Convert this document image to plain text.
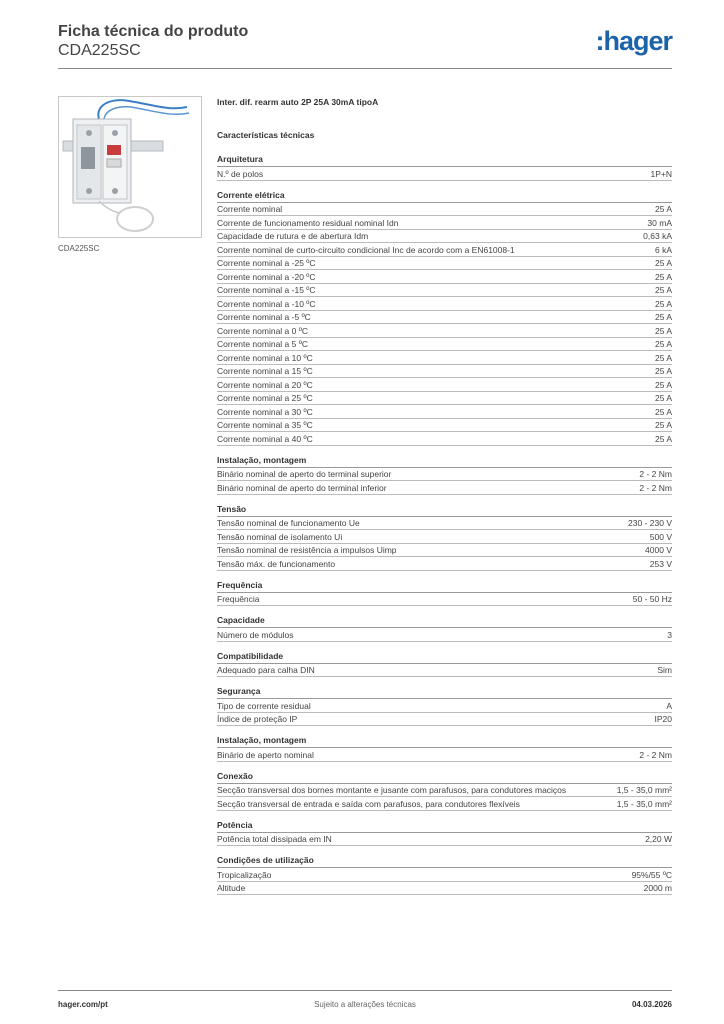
Ficha técnica do produto
CDA225SC	:hager
CDA225SC
Inter. dif. rearm auto 2P 25A 30mA tipoA
Características técnicas
Arquitetura
N.º de polos	1P+N
Corrente elétrica
Corrente nominal	25 A
Corrente de funcionamento residual nominal Idn	30 mA
Capacidade de rutura e de abertura Idm	0,63 kA
Corrente nominal de curto-circuito condicional Inc de acordo com a EN61008-1	6 kA
Corrente nominal a -25 ºC	25 A
Corrente nominal a -20 ºC	25 A
Corrente nominal a -15 ºC	25 A
Corrente nominal a -10 ºC	25 A
Corrente nominal a -5 ºC	25 A
Corrente nominal a 0 ºC	25 A
Corrente nominal a 5 ºC	25 A
Corrente nominal a 10 ºC	25 A
Corrente nominal a 15 ºC	25 A
Corrente nominal a 20 ºC	25 A
Corrente nominal a 25 ºC	25 A
Corrente nominal a 30 ºC	25 A
Corrente nominal a 35 ºC	25 A
Corrente nominal a 40 ºC	25 A
Instalação, montagem
Binário nominal de aperto do terminal superior	2 - 2 Nm
Binário nominal de aperto do terminal inferior	2 - 2 Nm
Tensão
Tensão nominal de funcionamento Ue	230 - 230 V
Tensão nominal de isolamento Ui	500 V
Tensão nominal de resistência a impulsos Uimp	4000 V
Tensão máx. de funcionamento	253 V
Frequência
Frequência	50 - 50 Hz
Capacidade
Número de módulos	3
Compatibilidade
Adequado para calha DIN	Sim
Segurança
Tipo de corrente residual	A
Índice de proteção IP	IP20
Instalação, montagem
Binário de aperto nominal	2 - 2 Nm
Conexão
Secção transversal dos bornes montante e jusante com parafusos, para condutores maciços	1,5 - 35,0 mm²
Secção transversal de entrada e saída com parafusos, para condutores flexíveis	1,5 - 35,0 mm²
Potência
Potência total dissipada em IN	2,20 W
Condições de utilização
Tropicalização	95%/55 ºC
Altitude	2000 m
hager.com/pt	Sujeito a alterações técnicas	04.03.2026
